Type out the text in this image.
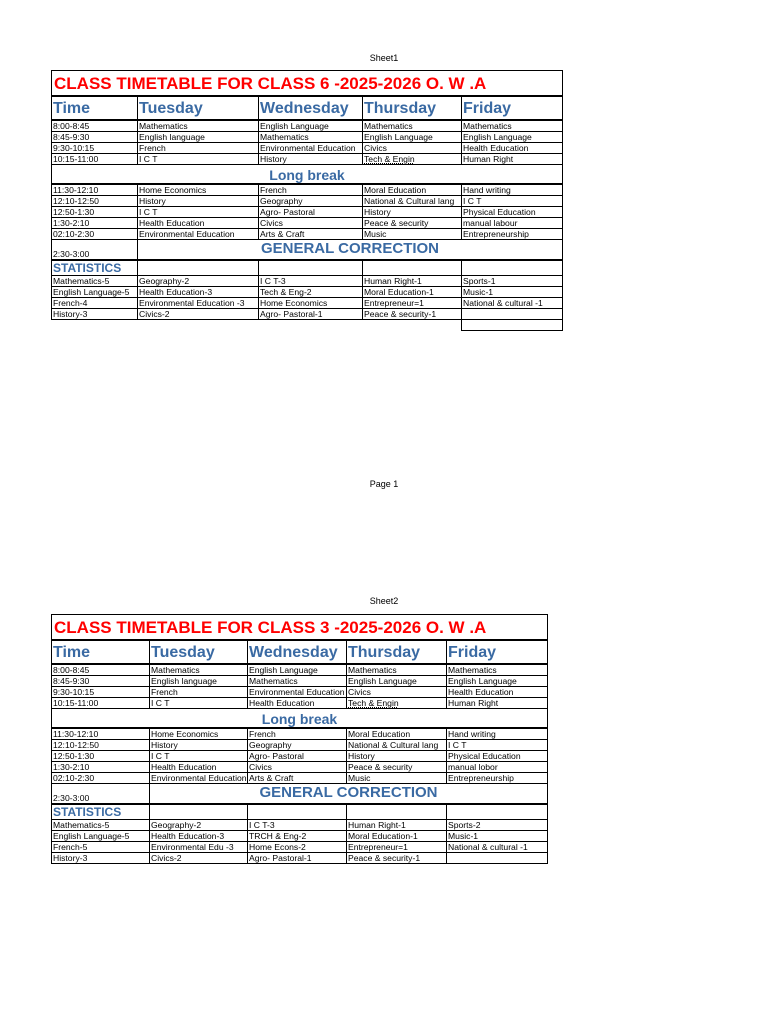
Sheet1
CLASS TIMETABLE FOR CLASS 6 -2025-2026 O. W .A				
Time	Tuesday	Wednesday	Thursday	Friday
8:00-8:45	Mathematics	English Language	Mathematics	Mathematics
8:45-9:30	English language	Mathematics	English Language	English Language
9:30-10:15	French	Environmental Education	Civics	Health Education
10:15-11:00	I C T	History	Tech & Engin	Human Right
Long break				
11:30-12:10	Home Economics	French	Moral Education	Hand writing
12:10-12:50	History	Geography	National & Cultural lang	I C T
12:50-1:30	I C T	Agro- Pastoral	History	Physical Education
1:30-2:10	Health Education	Civics	Peace & security	manual labour
02:10-2:30	Environmental Education	Arts & Craft	Music	Entrepreneurship
2:30-3:00	GENERAL CORRECTION			
STATISTICS				
Mathematics-5	Geography-2	I C T-3	Human Right-1	Sports-1
English Language-5	Health Education-3	Tech & Eng-2	Moral Education-1	Music-1
French-4	Environmental Education -3	Home Economics	Entrepreneur=1	National & cultural -1
History-3	Civics-2	Agro- Pastoral-1	Peace & security-1	

Page 1
Sheet2
CLASS TIMETABLE FOR CLASS 3 -2025-2026 O. W .A				
Time	Tuesday	Wednesday	Thursday	Friday
8:00-8:45	Mathematics	English Language	Mathematics	Mathematics
8:45-9:30	English language	Mathematics	English Language	English Language
9:30-10:15	French	Environmental Education	Civics	Health Education
10:15-11:00	I C T	Health Education	Tech & Engin	Human Right
Long break				
11:30-12:10	Home Economics	French	Moral Education	Hand writing
12:10-12:50	History	Geography	National & Cultural lang	I C T
12:50-1:30	I C T	Agro- Pastoral	History	Physical Education
1:30-2:10	Health Education	Civics	Peace & security	manual lobor
02:10-2:30	Environmental Education	Arts & Craft	Music	Entrepreneurship
2:30-3:00	GENERAL CORRECTION			
STATISTICS				
Mathematics-5	Geography-2	I C T-3	Human Right-1	Sports-2
English Language-5	Health Education-3	TRCH & Eng-2	Moral Education-1	Music-1
French-5	Environmental Edu -3	Home Econs-2	Entrepreneur=1	National & cultural -1
History-3	Civics-2	Agro- Pastoral-1	Peace & security-1	
